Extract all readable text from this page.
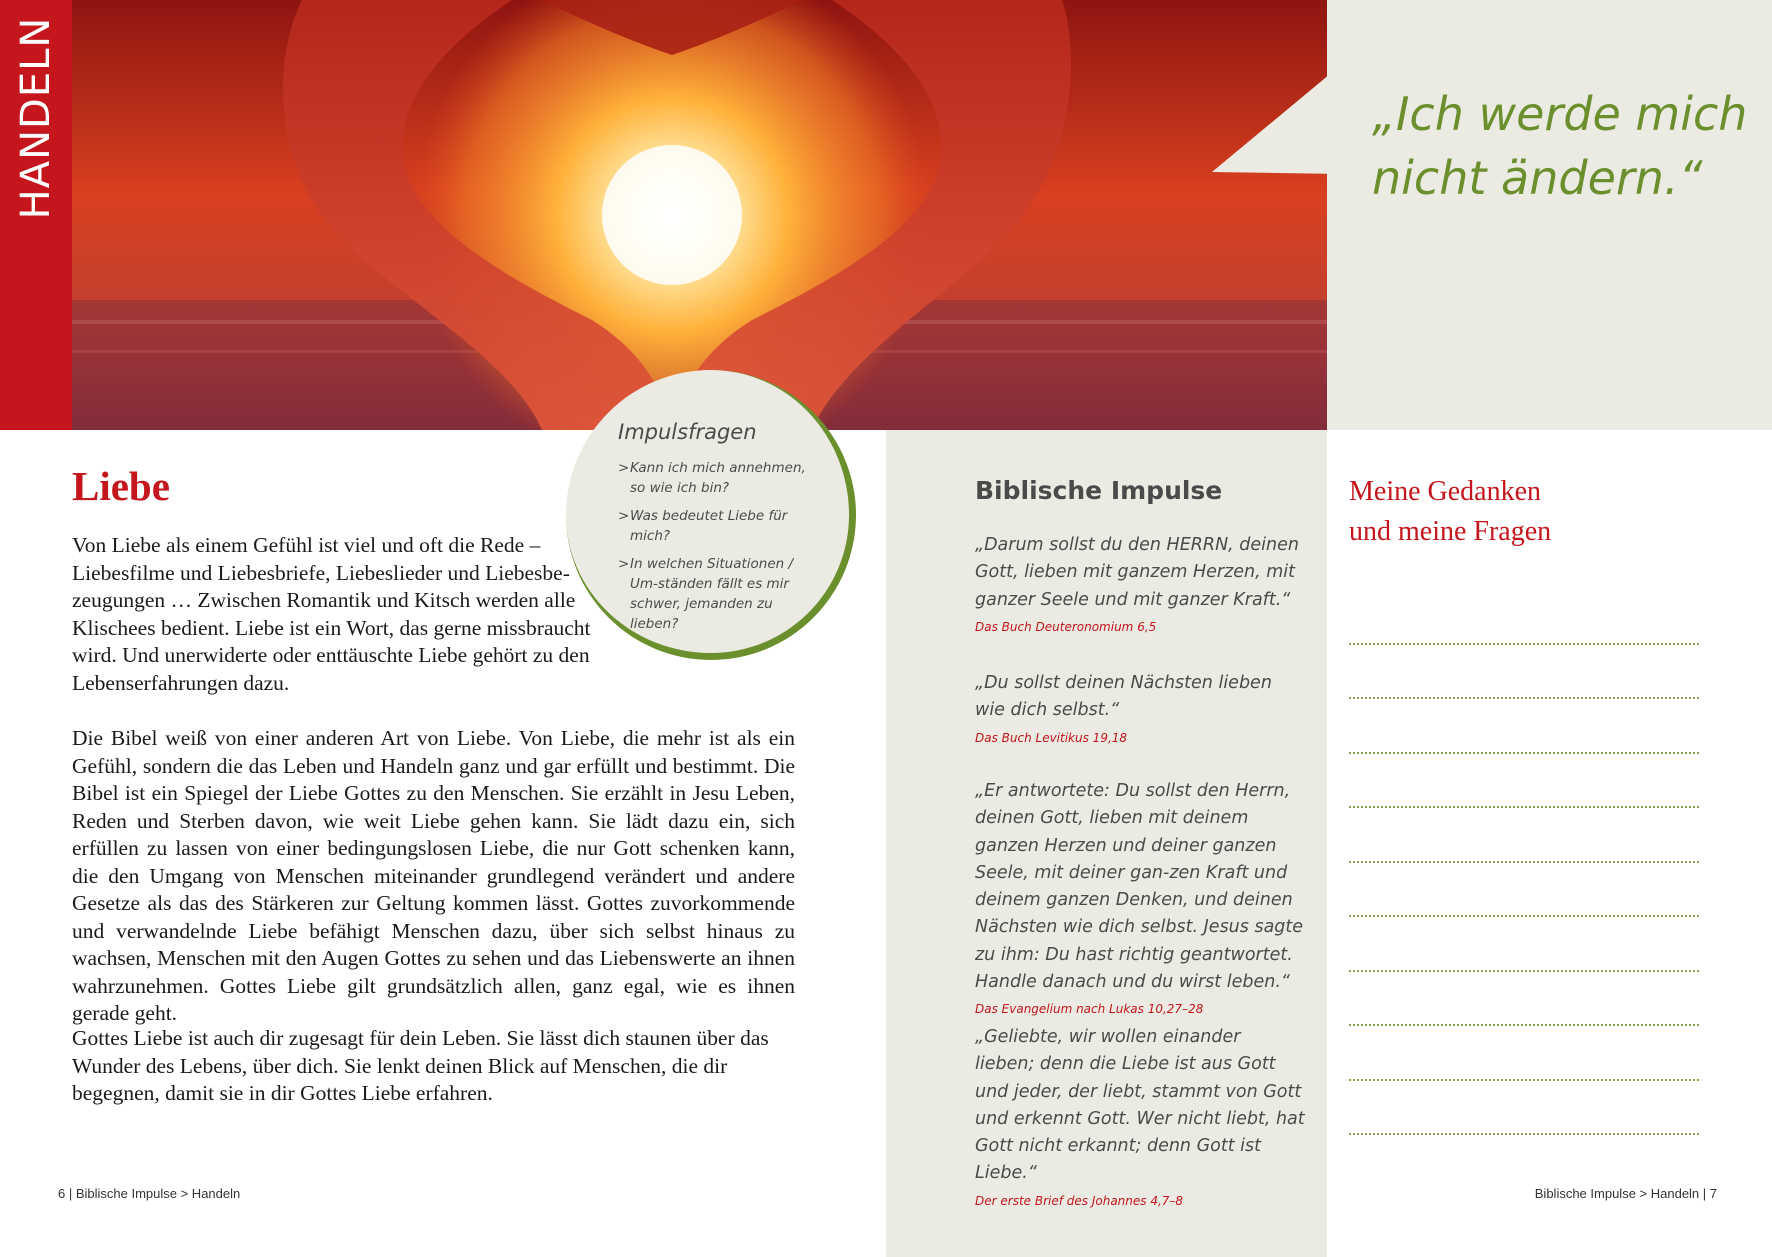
HANDELN	„Ich werde mich nicht ändern.“
Liebe

Von Liebe als einem Gefühl ist viel und oft die Rede – Liebesfilme und Liebesbriefe, Liebeslieder und Liebesbe-zeugungen … Zwischen Romantik und Kitsch werden alle Klischees bedient. Liebe ist ein Wort, das gerne missbraucht wird. Und unerwiderte oder enttäuschte Liebe gehört zu den Lebenserfahrungen dazu.

Die Bibel weiß von einer anderen Art von Liebe. Von Liebe, die mehr ist als ein Gefühl, sondern die das Leben und Handeln ganz und gar erfüllt und bestimmt. Die Bibel ist ein Spiegel der Liebe Gottes zu den Menschen. Sie erzählt in Jesu Leben, Reden und Sterben davon, wie weit Liebe gehen kann. Sie lädt dazu ein, sich erfüllen zu lassen von einer bedingungslosen Liebe, die nur Gott schenken kann, die den Umgang von Menschen miteinander grundlegend verändert und andere Gesetze als das des Stärkeren zur Geltung kommen lässt. Gottes zuvorkommende und verwandelnde Liebe befähigt Menschen dazu, über sich selbst hinaus zu wachsen, Menschen mit den Augen Gottes zu sehen und das Liebenswerte an ihnen wahrzunehmen. Gottes Liebe gilt grundsätzlich allen, ganz egal, wie es ihnen gerade geht.

Gottes Liebe ist auch dir zugesagt für dein Leben. Sie lässt dich staunen über das Wunder des Lebens, über dich. Sie lenkt deinen Blick auf Menschen, die dir begegnen, damit sie in dir Gottes Liebe erfahren.

Impulsfragen
> Kann ich mich annehmen, so wie ich bin?
> Was bedeutet Liebe für mich?
> In welchen Situationen / Um-ständen fällt es mir schwer, jemanden zu lieben?
Biblische Impulse
„Darum sollst du den HERRN, deinen Gott, lieben mit ganzem Herzen, mit ganzer Seele und mit ganzer Kraft.“
Das Buch Deuteronomium 6,5
„Du sollst deinen Nächsten lieben wie dich selbst.“
Das Buch Levitikus 19,18
„Er antwortete: Du sollst den Herrn, deinen Gott, lieben mit deinem ganzen Herzen und deiner ganzen Seele, mit deiner gan-zen Kraft und deinem ganzen Denken, und deinen Nächsten wie dich selbst. Jesus sagte zu ihm: Du hast richtig geantwortet. Handle danach und du wirst leben.“
Das Evangelium nach Lukas 10,27–28
„Geliebte, wir wollen einander lieben; denn die Liebe ist aus Gott und jeder, der liebt, stammt von Gott und erkennt Gott. Wer nicht liebt, hat Gott nicht erkannt; denn Gott ist Liebe.“
Der erste Brief des Johannes 4,7–8
Meine Gedanken
und meine Fragen
6 | Biblische Impulse > Handeln	Biblische Impulse > Handeln | 7
